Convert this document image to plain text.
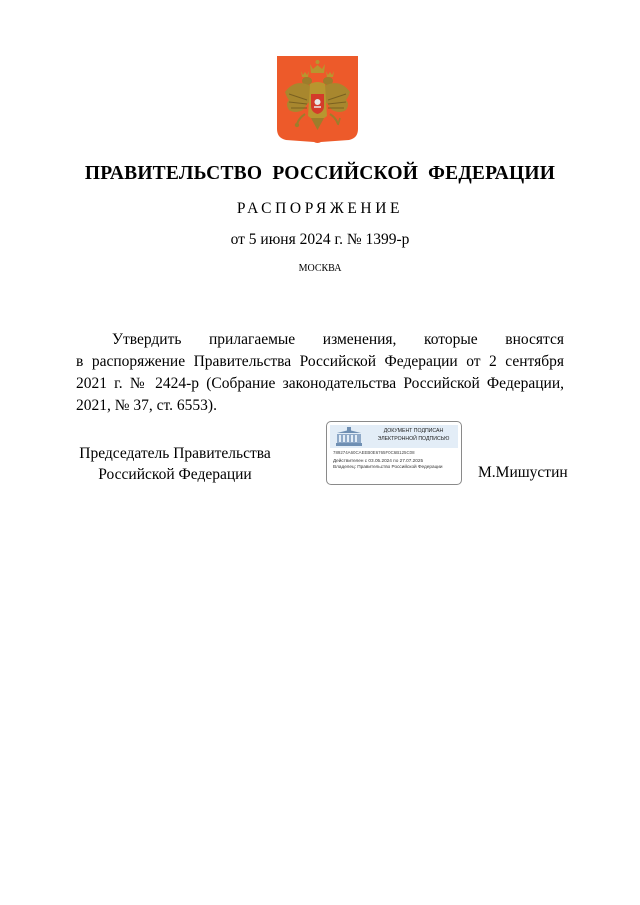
ПРАВИТЕЛЬСТВО РОССИЙСКОЙ ФЕДЕРАЦИИ
РАСПОРЯЖЕНИЕ
от 5 июня 2024 г. № 1399-р
МОСКВА
Утвердить прилагаемые изменения, которые вносятся
в распоряжение Правительства Российской Федерации от 2 сентября
2021 г. № 2424-р (Собрание законодательства Российской Федерации,
2021, № 37, ст. 6553).
Председатель Правительства
Российской Федерации
ДОКУМЕНТ ПОДПИСАН
ЭЛЕКТРОННОЙ ПОДПИСЬЮ
789274A60CAEEB0E6765F0C6B125C08
Действителен с 03.05.2024 по 27.07.2025
Владелец: Правительство Российской Федерации	М.Мишустин
